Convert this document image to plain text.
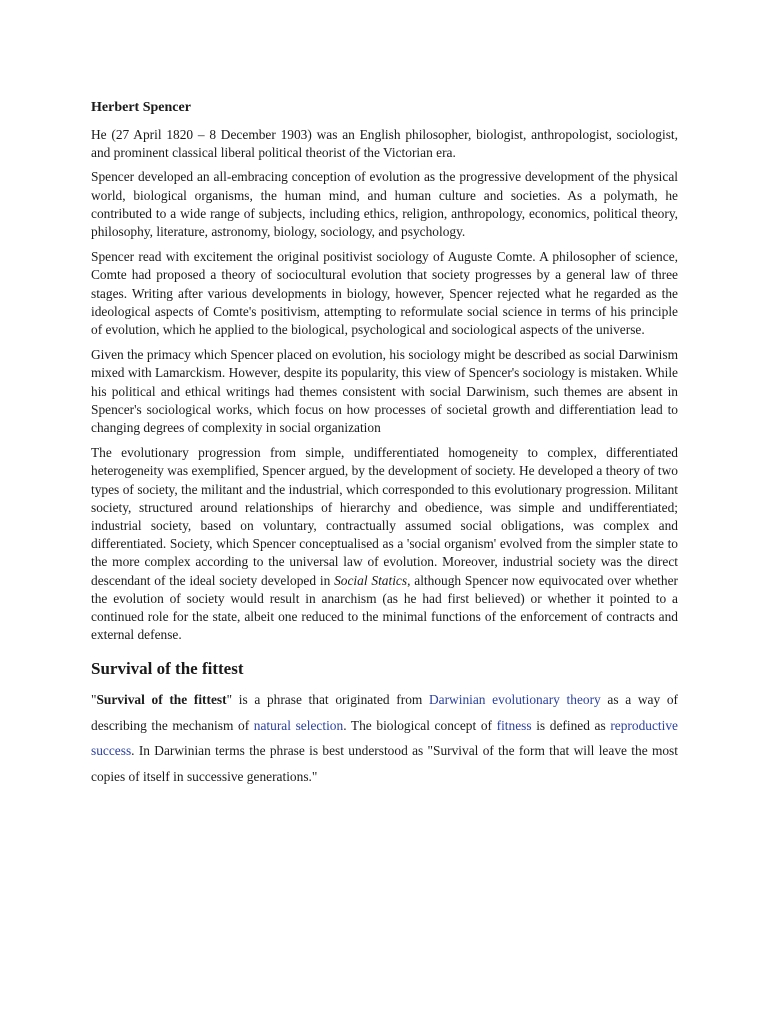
Herbert Spencer

He (27 April 1820 – 8 December 1903) was an English philosopher, biologist, anthropologist, sociologist, and prominent classical liberal political theorist of the Victorian era.

Spencer developed an all-embracing conception of evolution as the progressive development of the physical world, biological organisms, the human mind, and human culture and societies. As a polymath, he contributed to a wide range of subjects, including ethics, religion, anthropology, economics, political theory, philosophy, literature, astronomy, biology, sociology, and psychology.

Spencer read with excitement the original positivist sociology of Auguste Comte. A philosopher of science, Comte had proposed a theory of sociocultural evolution that society progresses by a general law of three stages. Writing after various developments in biology, however, Spencer rejected what he regarded as the ideological aspects of Comte's positivism, attempting to reformulate social science in terms of his principle of evolution, which he applied to the biological, psychological and sociological aspects of the universe.

Given the primacy which Spencer placed on evolution, his sociology might be described as social Darwinism mixed with Lamarckism. However, despite its popularity, this view of Spencer's sociology is mistaken. While his political and ethical writings had themes consistent with social Darwinism, such themes are absent in Spencer's sociological works, which focus on how processes of societal growth and differentiation lead to changing degrees of complexity in social organization

The evolutionary progression from simple, undifferentiated homogeneity to complex, differentiated heterogeneity was exemplified, Spencer argued, by the development of society. He developed a theory of two types of society, the militant and the industrial, which corresponded to this evolutionary progression. Militant society, structured around relationships of hierarchy and obedience, was simple and undifferentiated; industrial society, based on voluntary, contractually assumed social obligations, was complex and differentiated. Society, which Spencer conceptualised as a 'social organism' evolved from the simpler state to the more complex according to the universal law of evolution. Moreover, industrial society was the direct descendant of the ideal society developed in Social Statics, although Spencer now equivocated over whether the evolution of society would result in anarchism (as he had first believed) or whether it pointed to a continued role for the state, albeit one reduced to the minimal functions of the enforcement of contracts and external defense.

Survival of the fittest

"Survival of the fittest" is a phrase that originated from Darwinian evolutionary theory as a way of describing the mechanism of natural selection. The biological concept of fitness is defined as reproductive success. In Darwinian terms the phrase is best understood as "Survival of the form that will leave the most copies of itself in successive generations."
